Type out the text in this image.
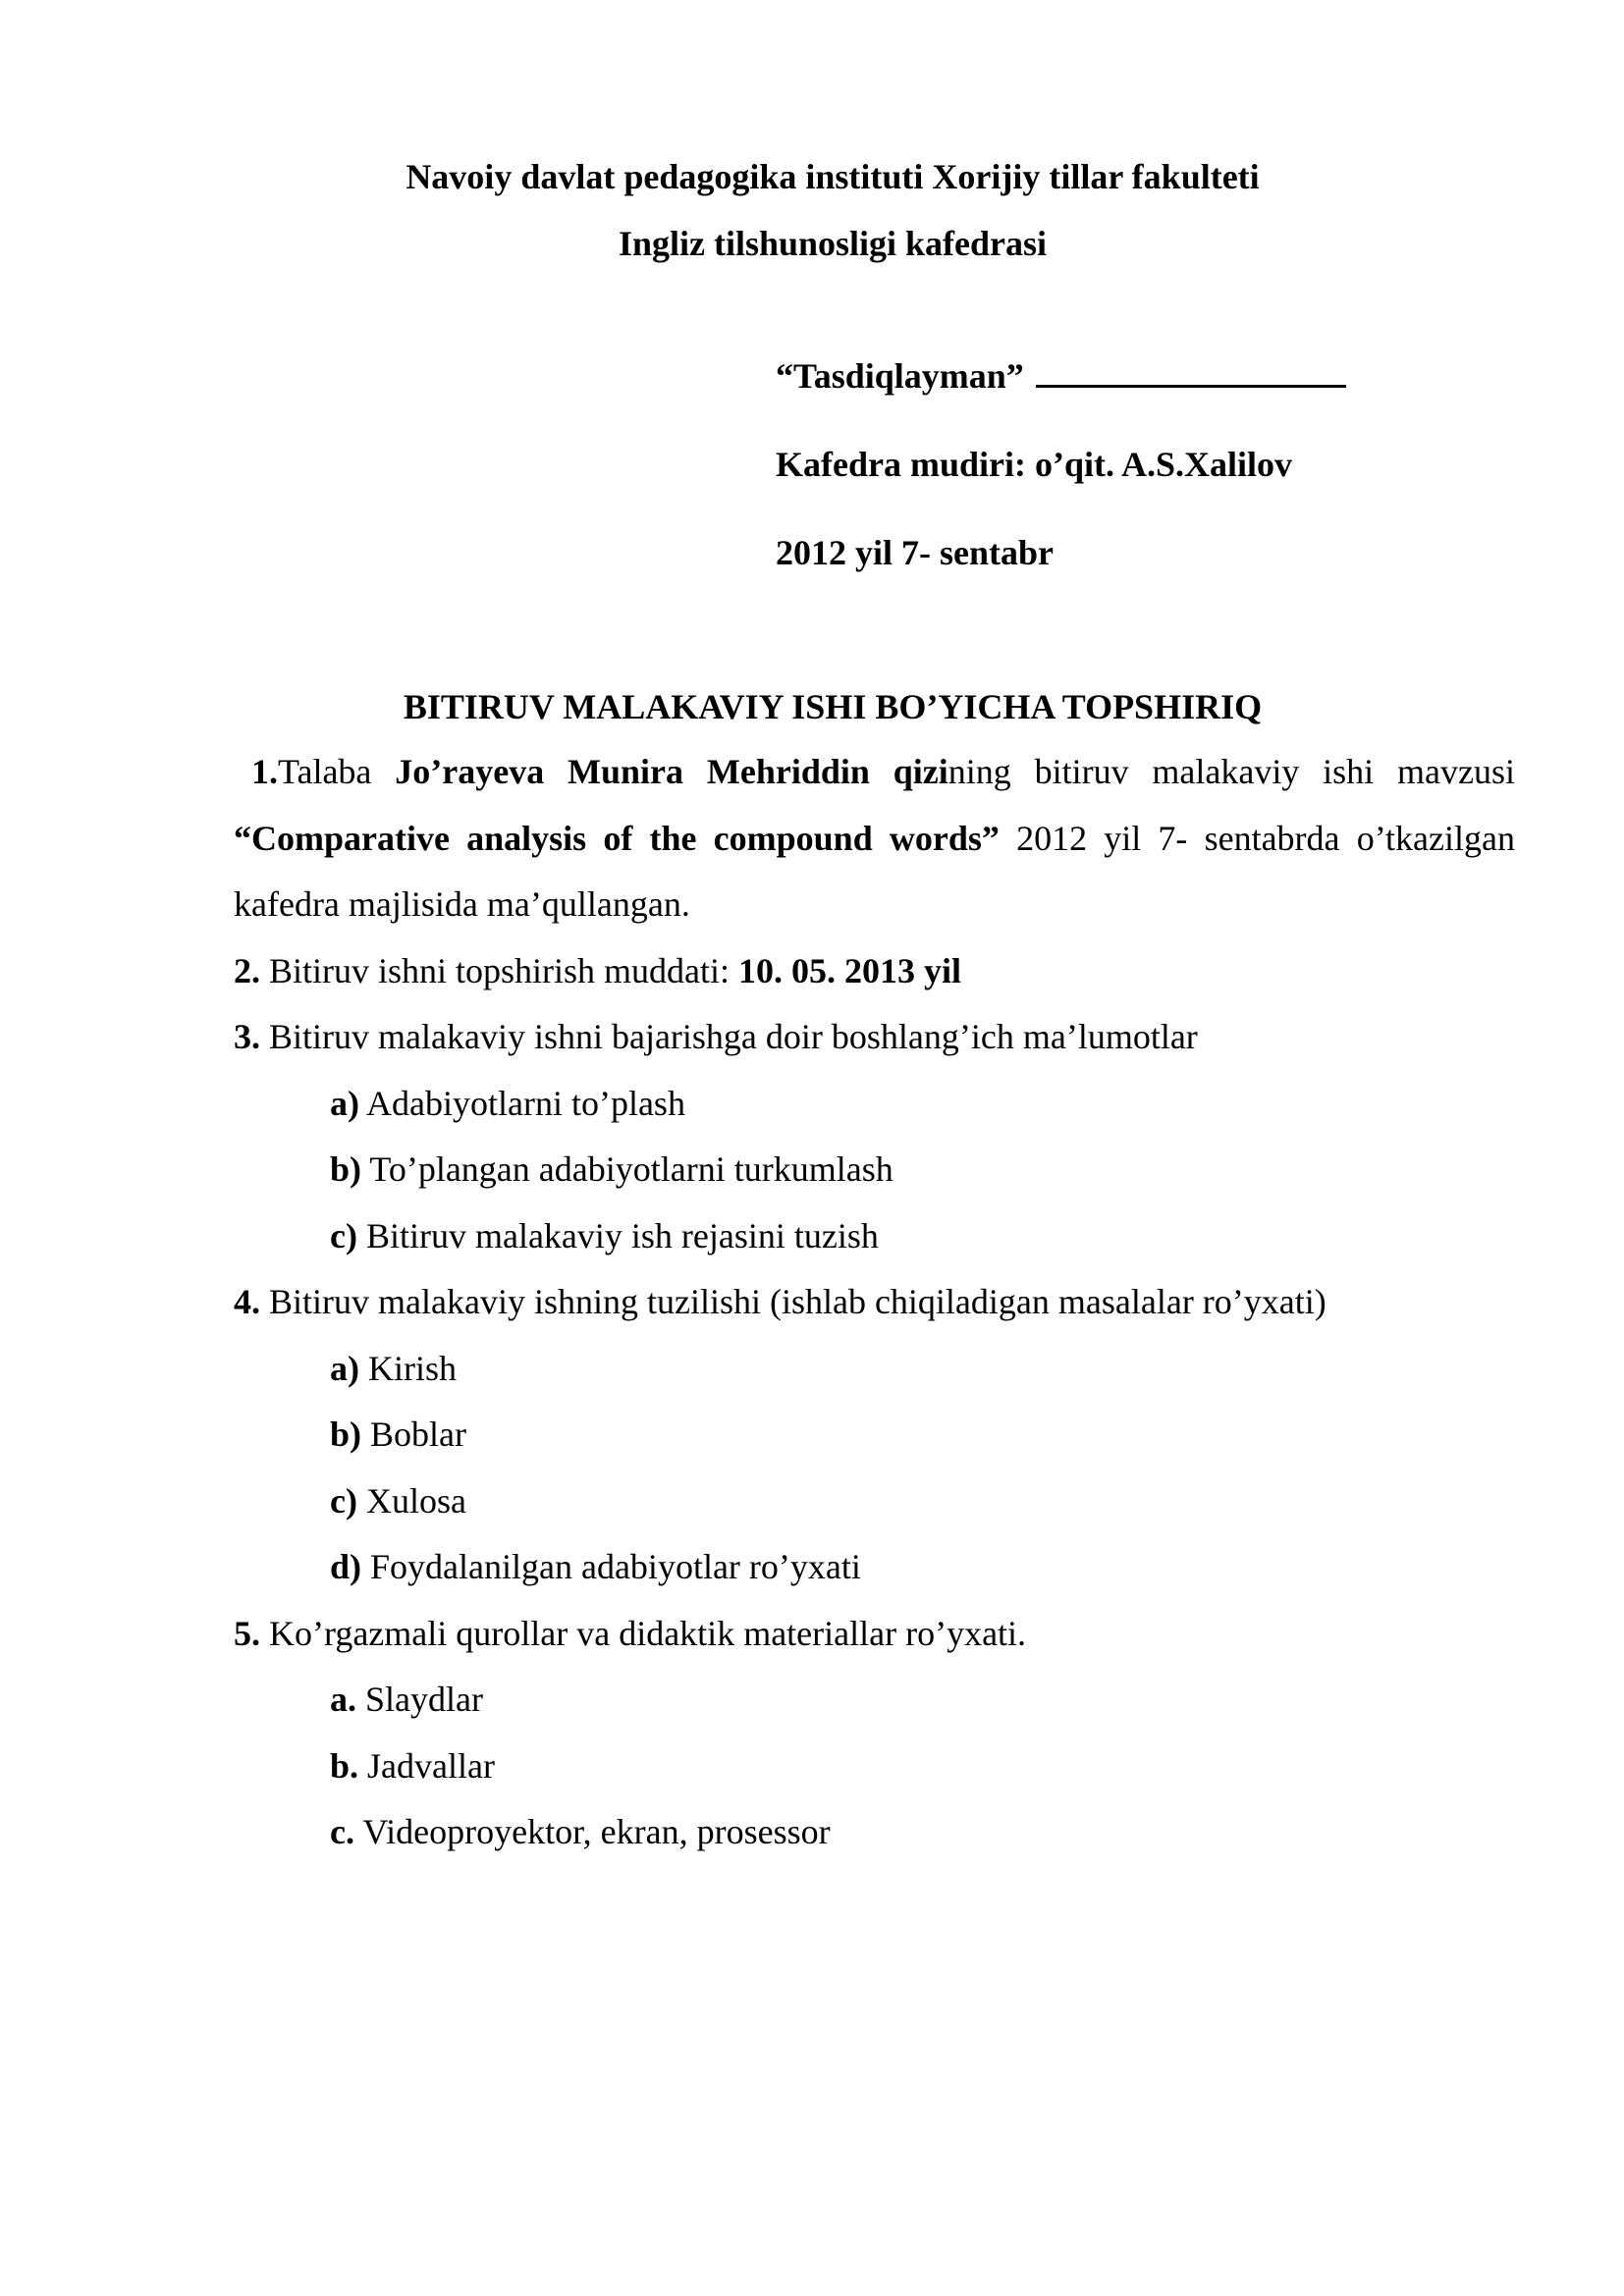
Navoiy davlat pedagogika instituti Xorijiy tillar fakulteti
Ingliz tilshunosligi kafedrasi
“Tasdiqlayman”
Kafedra mudiri: o’qit. A.S.Xalilov
2012 yil 7- sentabr
BITIRUV MALAKAVIY ISHI BO’YICHA TOPSHIRIQ
1.Talaba Jo’rayeva Munira Mehriddin qizining bitiruv malakaviy ishi mavzusi “Comparative analysis of the compound words” 2012 yil 7- sentabrda o’tkazilgan kafedra majlisida ma’qullangan.
2. Bitiruv ishni topshirish muddati: 10. 05. 2013 yil
3. Bitiruv malakaviy ishni bajarishga doir boshlang’ich ma’lumotlar
a) Adabiyotlarni to’plash
b) To’plangan adabiyotlarni turkumlash
c) Bitiruv malakaviy ish rejasini tuzish
4. Bitiruv malakaviy ishning tuzilishi (ishlab chiqiladigan masalalar ro’yxati)
a) Kirish
b) Boblar
c) Xulosa
d) Foydalanilgan adabiyotlar ro’yxati
5. Ko’rgazmali qurollar va didaktik materiallar ro’yxati.
a. Slaydlar
b. Jadvallar
c. Videoproyektor, ekran, prosessor
